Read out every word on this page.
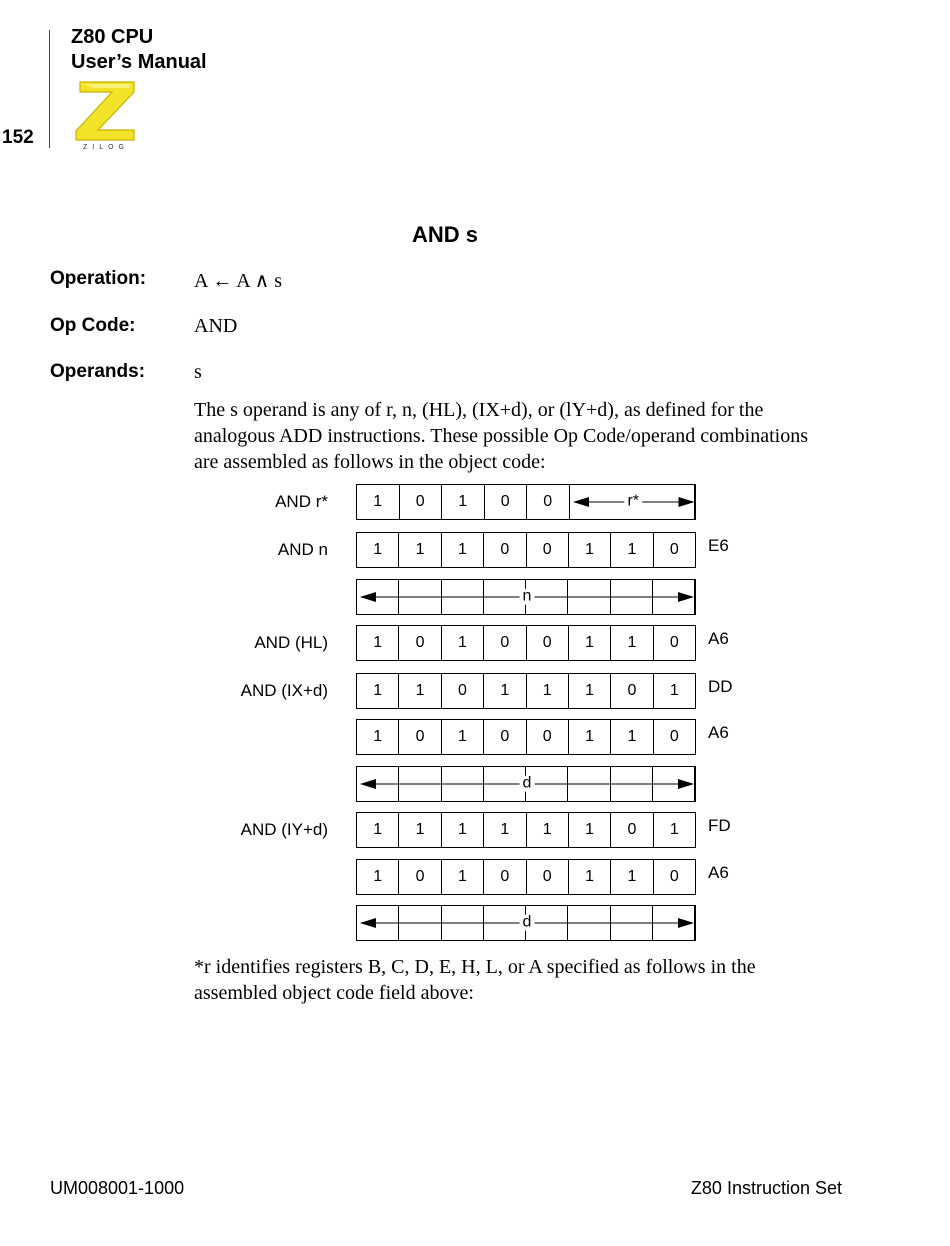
152
Z80 CPU
User’s Manual
ZILOG
AND s
Operation: A ← A ∧ s
Op Code:	AND
Operands: s
The s operand is any of r, n, (HL), (IX+d), or (lY+d), as defined for the analogous ADD instructions. These possible Op Code/operand combinations are assembled as follows in the object code:
AND r*	1	0	1	0	0	r*
AND n	1	1	1	0	0	1	1	0	E6
n
AND (HL)	1	0	1	0	0	1	1	0	A6
AND (IX+d)	1	1	0	1	1	1	0	1	DD
1	0	1	0	0	1	1	0	A6
d
AND (IY+d)	1	1	1	1	1	1	0	1	FD
1	0	1	0	0	1	1	0	A6
d
*r identifies registers B, C, D, E, H, L, or A specified as follows in the assembled object code field above:
UM008001-1000	Z80 Instruction Set
